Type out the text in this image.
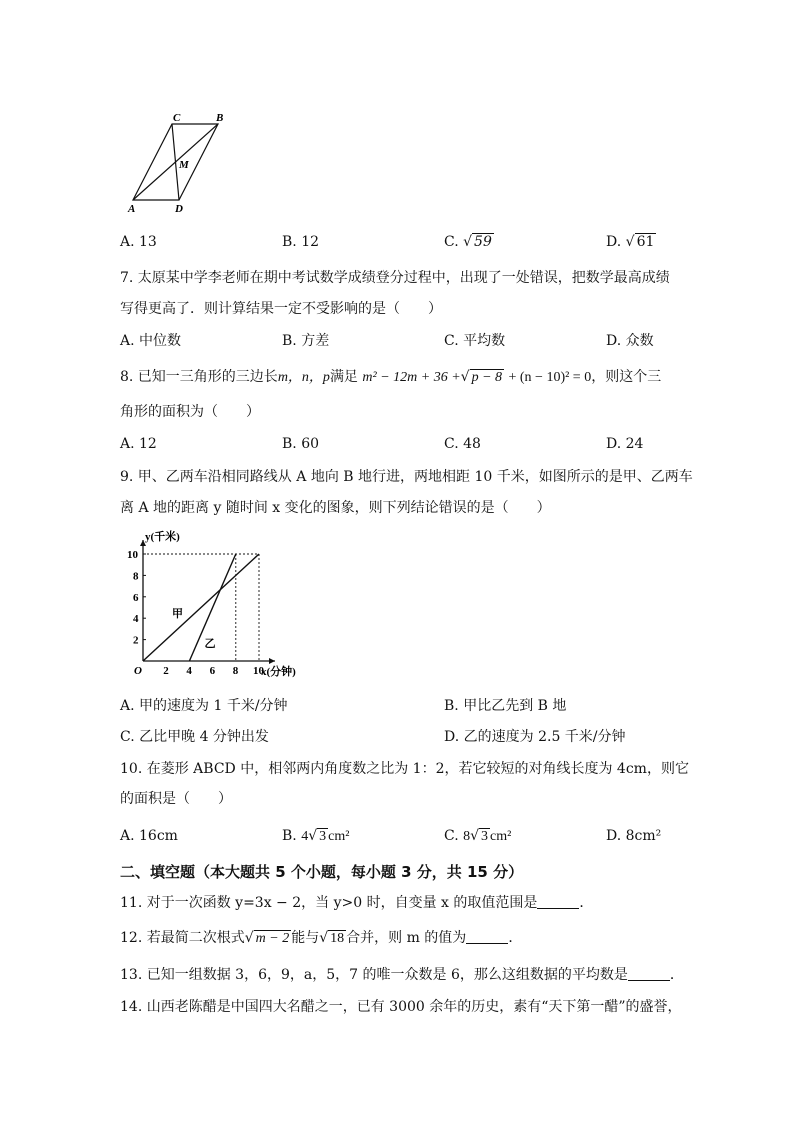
C	B
M
A	D
A. 13	B. 12	C. √ 59	D. √ 61
7. 太原某中学李老师在期中考试数学成绩登分过程中，出现了一处错误，把数学最高成绩
写得更高了．则计算结果一定不受影响的是（　　）
A. 中位数	B. 方差	C. 平均数	D. 众数
8. 已知一三角形的三边长m，n，p满足 m² − 12m + 36 +√ p − 8 + (n − 10)² = 0，则这个三
角形的面积为（　　）
A. 12	B. 60	C. 48	D. 24
9. 甲、乙两车沿相同路线从 A 地向 B 地行进，两地相距 10 千米，如图所示的是甲、乙两车
离 A 地的距离 y 随时间 x 变化的图象，则下列结论错误的是（　　）
y(千米)
x(分钟)
O 2 4 6 8 10
2
4
6
8
10
甲
乙
A. 甲的速度为 1 千米/分钟	B. 甲比乙先到 B 地
C. 乙比甲晚 4 分钟出发	D. 乙的速度为 2.5 千米/分钟
10. 在菱形 ABCD 中，相邻两内角度数之比为 1：2，若它较短的对角线长度为 4cm，则它
的面积是（　　）
A. 16cm	B. 4√ 3 cm²	C. 8√ 3 cm²	D. 8cm²
二、填空题（本大题共 5 个小题，每小题 3 分，共 15 分）
11. 对于一次函数 y=3x − 2，当 y>0 时，自变量 x 的取值范围是	．
12. 若最简二次根式√ m − 2 能与√ 18 合并，则 m 的值为	．
13. 已知一组数据 3，6，9，a，5，7 的唯一众数是 6，那么这组数据的平均数是	．
14. 山西老陈醋是中国四大名醋之一，已有 3000 余年的历史，素有“天下第一醋”的盛誉，
